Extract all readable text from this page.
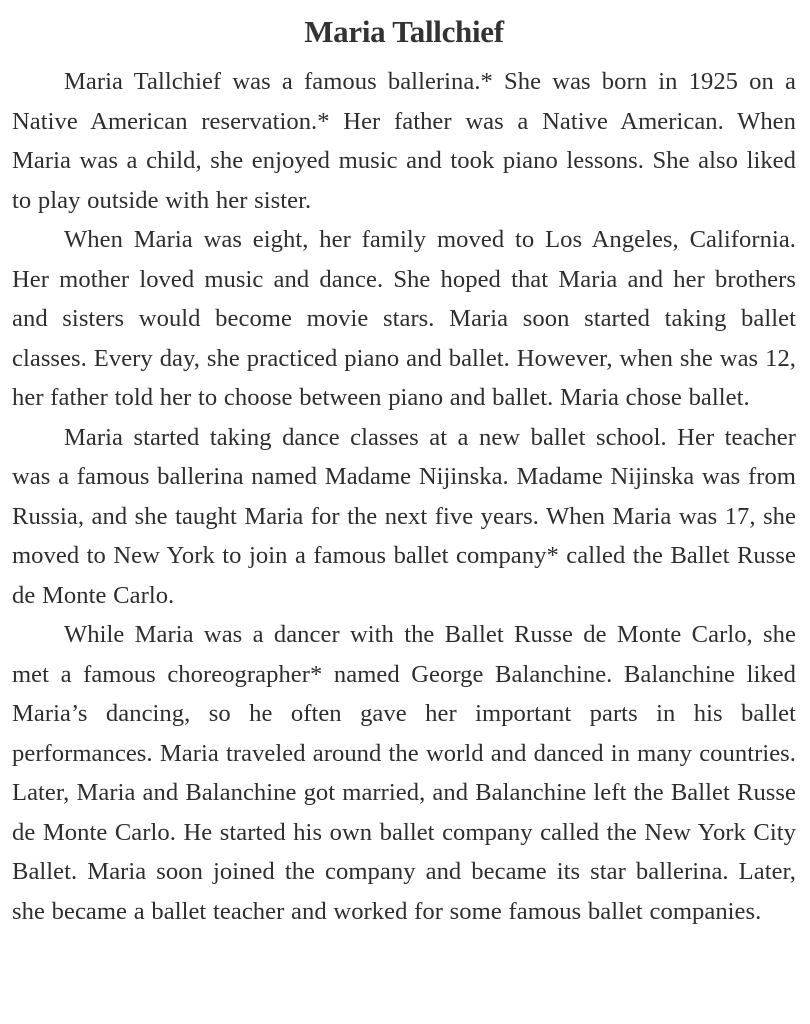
Maria Tallchief

Maria Tallchief was a famous ballerina.* She was born in 1925 on a Native American reservation.* Her father was a Native American. When Maria was a child, she enjoyed music and took piano lessons. She also liked to play outside with her sister.

When Maria was eight, her family moved to Los Angeles, California. Her mother loved music and dance. She hoped that Maria and her brothers and sisters would become movie stars. Maria soon started taking ballet classes. Every day, she practiced piano and ballet. However, when she was 12, her father told her to choose between piano and ballet. Maria chose ballet.

Maria started taking dance classes at a new ballet school. Her teacher was a famous ballerina named Madame Nijinska. Madame Nijinska was from Russia, and she taught Maria for the next five years. When Maria was 17, she moved to New York to join a famous ballet company* called the Ballet Russe de Monte Carlo.

While Maria was a dancer with the Ballet Russe de Monte Carlo, she met a famous choreographer* named George Balanchine. Balanchine liked Maria’s dancing, so he often gave her important parts in his ballet performances. Maria traveled around the world and danced in many countries. Later, Maria and Balanchine got married, and Balanchine left the Ballet Russe de Monte Carlo. He started his own ballet company called the New York City Ballet. Maria soon joined the company and became its star ballerina. Later, she became a ballet teacher and worked for some famous ballet companies.
